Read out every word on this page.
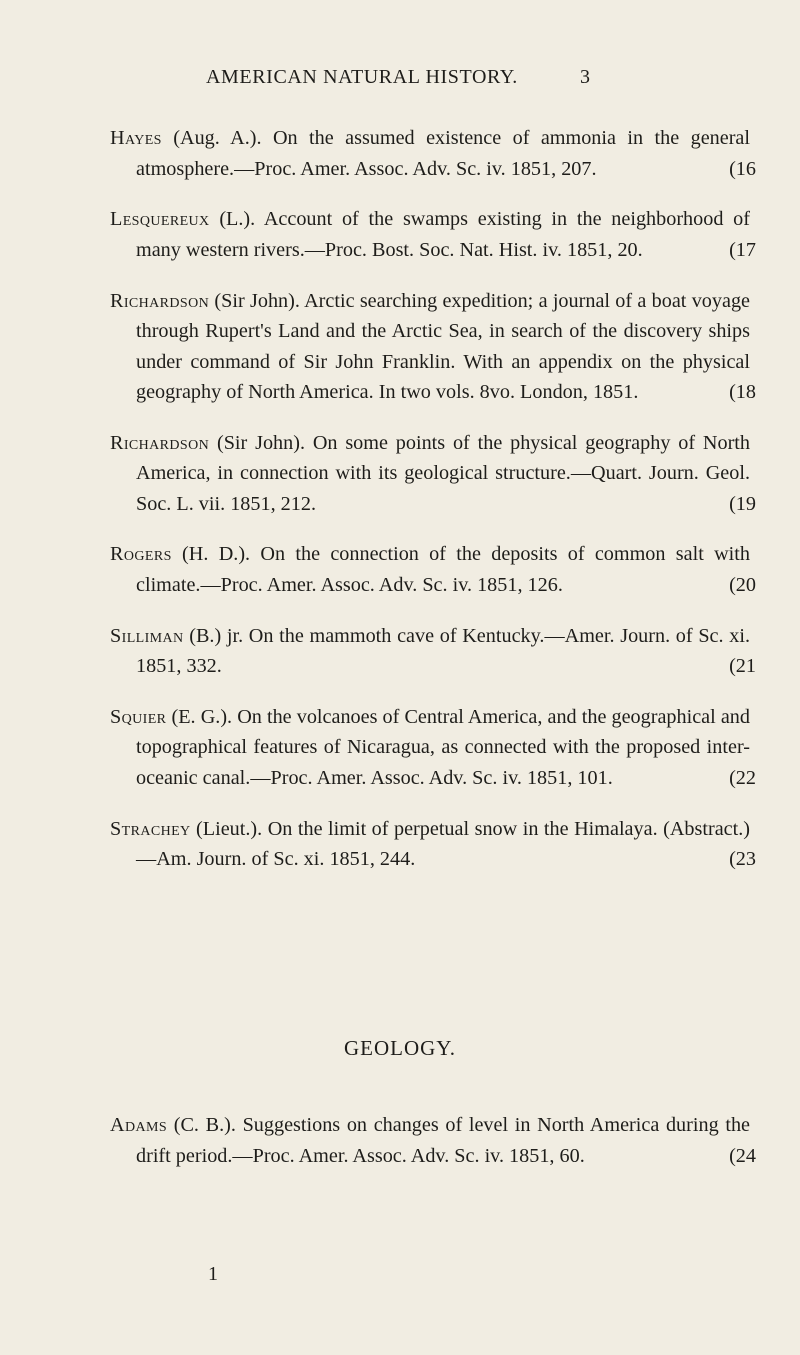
AMERICAN NATURAL HISTORY.	3

Hayes (Aug. A.). On the assumed existence of ammonia in the general atmosphere.—Proc. Amer. Assoc. Adv. Sc. iv. 1851, 207.	(16

Lesquereux (L.). Account of the swamps existing in the neighborhood of many western rivers.—Proc. Bost. Soc. Nat. Hist. iv. 1851, 20.	(17

Richardson (Sir John). Arctic searching expedition; a journal of a boat voyage through Rupert's Land and the Arctic Sea, in search of the discovery ships under command of Sir John Franklin. With an appendix on the physical geography of North America. In two vols. 8vo. London, 1851.	(18

Richardson (Sir John). On some points of the physical geography of North America, in connection with its geological structure.—Quart. Journ. Geol. Soc. L. vii. 1851, 212.	(19

Rogers (H. D.). On the connection of the deposits of common salt with climate.—Proc. Amer. Assoc. Adv. Sc. iv. 1851, 126.	(20

Silliman (B.) jr. On the mammoth cave of Kentucky.—Amer. Journ. of Sc. xi. 1851, 332.	(21

Squier (E. G.). On the volcanoes of Central America, and the geographical and topographical features of Nicaragua, as connected with the proposed inter-oceanic canal.—Proc. Amer. Assoc. Adv. Sc. iv. 1851, 101.	(22

Strachey (Lieut.). On the limit of perpetual snow in the Himalaya. (Abstract.)—Am. Journ. of Sc. xi. 1851, 244.	(23

GEOLOGY.

Adams (C. B.). Suggestions on changes of level in North America during the drift period.—Proc. Amer. Assoc. Adv. Sc. iv. 1851, 60.	(24

1
